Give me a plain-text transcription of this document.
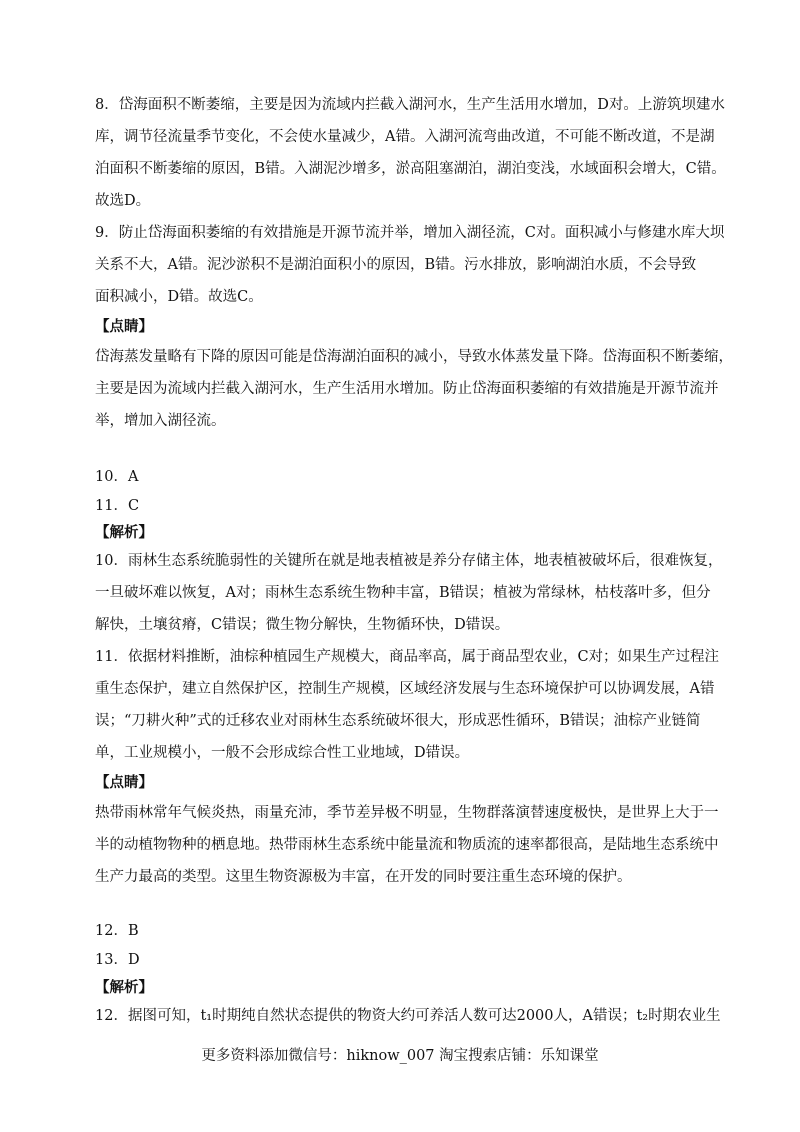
8．岱海面积不断萎缩，主要是因为流域内拦截入湖河水，生产生活用水增加，D对。上游筑坝建水
库，调节径流量季节变化，不会使水量减少，A错。入湖河流弯曲改道，不可能不断改道，不是湖
泊面积不断萎缩的原因，B错。入湖泥沙增多，淤高阻塞湖泊，湖泊变浅，水域面积会增大，C错。
故选D。
9．防止岱海面积萎缩的有效措施是开源节流并举，增加入湖径流，C对。面积减小与修建水库大坝
关系不大，A错。泥沙淤积不是湖泊面积小的原因，B错。污水排放，影响湖泊水质，不会导致
面积减小，D错。故选C。
【点睛】
岱海蒸发量略有下降的原因可能是岱海湖泊面积的减小，导致水体蒸发量下降。岱海面积不断萎缩，
主要是因为流域内拦截入湖河水，生产生活用水增加。防止岱海面积萎缩的有效措施是开源节流并
举，增加入湖径流。
10．A
11．C
【解析】
10．雨林生态系统脆弱性的关键所在就是地表植被是养分存储主体，地表植被破坏后，很难恢复，
一旦破坏难以恢复，A对；雨林生态系统生物种丰富，B错误；植被为常绿林，枯枝落叶多，但分
解快，土壤贫瘠，C错误；微生物分解快，生物循环快，D错误。
11．依据材料推断，油棕种植园生产规模大，商品率高，属于商品型农业，C对；如果生产过程注
重生态保护，建立自然保护区，控制生产规模，区域经济发展与生态环境保护可以协调发展，A错
误；“刀耕火种”式的迁移农业对雨林生态系统破坏很大，形成恶性循环，B错误；油棕产业链简
单，工业规模小，一般不会形成综合性工业地域，D错误。
【点睛】
热带雨林常年气候炎热，雨量充沛，季节差异极不明显，生物群落演替速度极快，是世界上大于一
半的动植物物种的栖息地。热带雨林生态系统中能量流和物质流的速率都很高，是陆地生态系统中
生产力最高的类型。这里生物资源极为丰富，在开发的同时要注重生态环境的保护。
12．B
13．D
【解析】
12．据图可知，t₁时期纯自然状态提供的物资大约可养活人数可达2000人，A错误；t₂时期农业生
更多资料添加微信号：hiknow_007 淘宝搜索店铺：乐知课堂
